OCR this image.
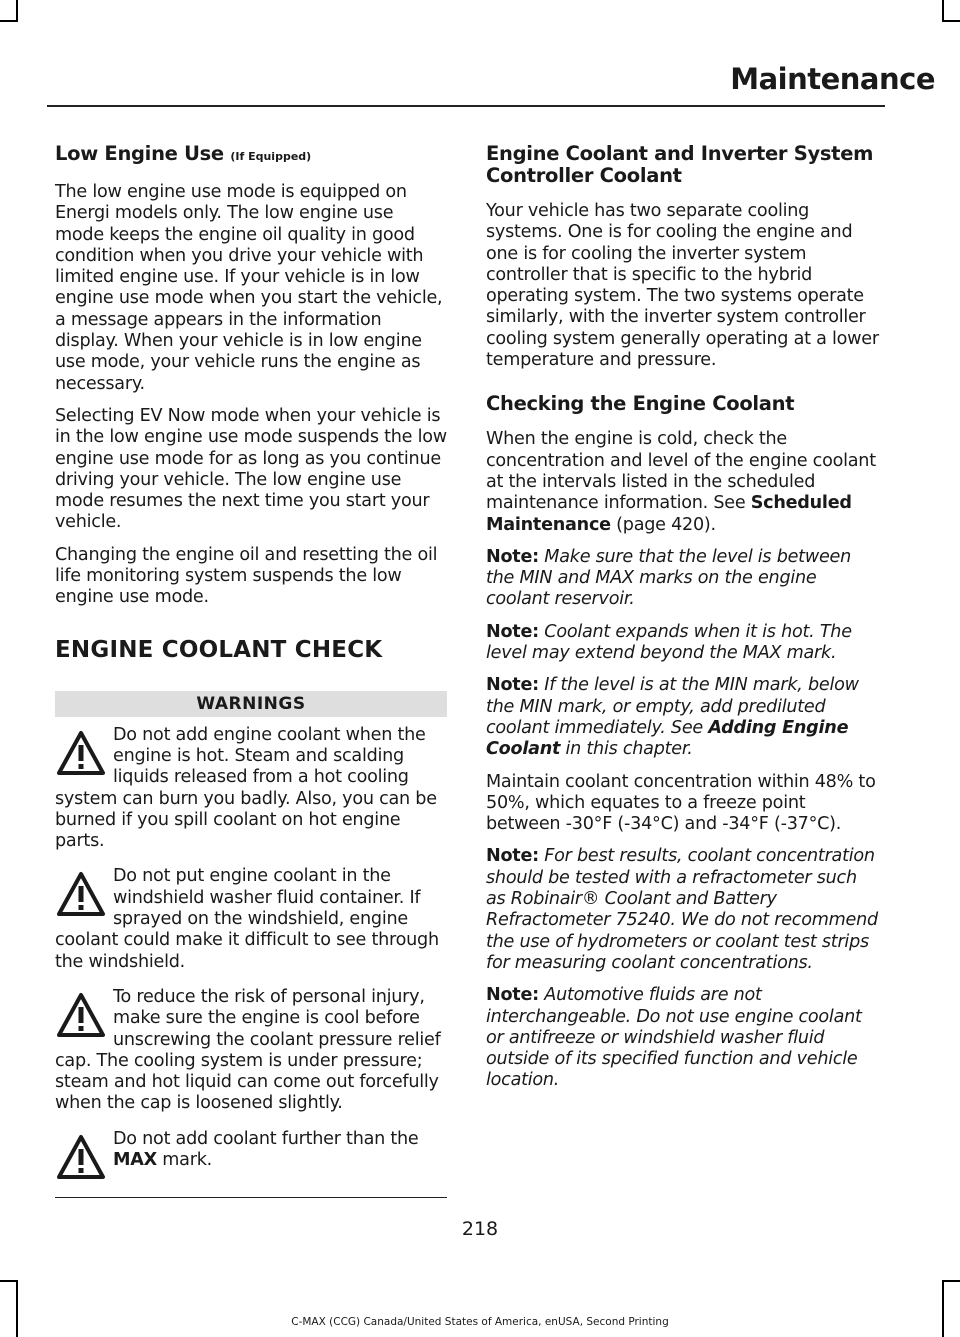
Maintenance
Low Engine Use (If Equipped)

The low engine use mode is equipped on Energi models only. The low engine use mode keeps the engine oil quality in good condition when you drive your vehicle with limited engine use. If your vehicle is in low engine use mode when you start the vehicle, a message appears in the information display. When your vehicle is in low engine use mode, your vehicle runs the engine as necessary.

Selecting EV Now mode when your vehicle is in the low engine use mode suspends the low engine use mode for as long as you continue driving your vehicle. The low engine use mode resumes the next time you start your vehicle.

Changing the engine oil and resetting the oil life monitoring system suspends the low engine use mode.

ENGINE COOLANT CHECK
WARNINGS
Do not add engine coolant when the engine is hot. Steam and scalding liquids released from a hot cooling system can burn you badly. Also, you can be burned if you spill coolant on hot engine parts.
Do not put engine coolant in the windshield washer fluid container. If sprayed on the windshield, engine coolant could make it difficult to see through the windshield.
To reduce the risk of personal injury, make sure the engine is cool before unscrewing the coolant pressure relief cap. The cooling system is under pressure; steam and hot liquid can come out forcefully when the cap is loosened slightly.
Do not add coolant further than the MAX mark.
Engine Coolant and Inverter System Controller Coolant

Your vehicle has two separate cooling systems. One is for cooling the engine and one is for cooling the inverter system controller that is specific to the hybrid operating system. The two systems operate similarly, with the inverter system controller cooling system generally operating at a lower temperature and pressure.

Checking the Engine Coolant

When the engine is cold, check the concentration and level of the engine coolant at the intervals listed in the scheduled maintenance information. See Scheduled Maintenance (page 420).

Note: Make sure that the level is between the MIN and MAX marks on the engine coolant reservoir.

Note: Coolant expands when it is hot. The level may extend beyond the MAX mark.

Note: If the level is at the MIN mark, below the MIN mark, or empty, add prediluted coolant immediately. See Adding Engine Coolant in this chapter.

Maintain coolant concentration within 48% to 50%, which equates to a freeze point between -30°F (-34°C) and -34°F (-37°C).

Note: For best results, coolant concentration should be tested with a refractometer such as Robinair® Coolant and Battery Refractometer 75240. We do not recommend the use of hydrometers or coolant test strips for measuring coolant concentrations.

Note: Automotive fluids are not interchangeable. Do not use engine coolant or antifreeze or windshield washer fluid outside of its specified function and vehicle location.

218
C-MAX (CCG) Canada/United States of America, enUSA, Second Printing
